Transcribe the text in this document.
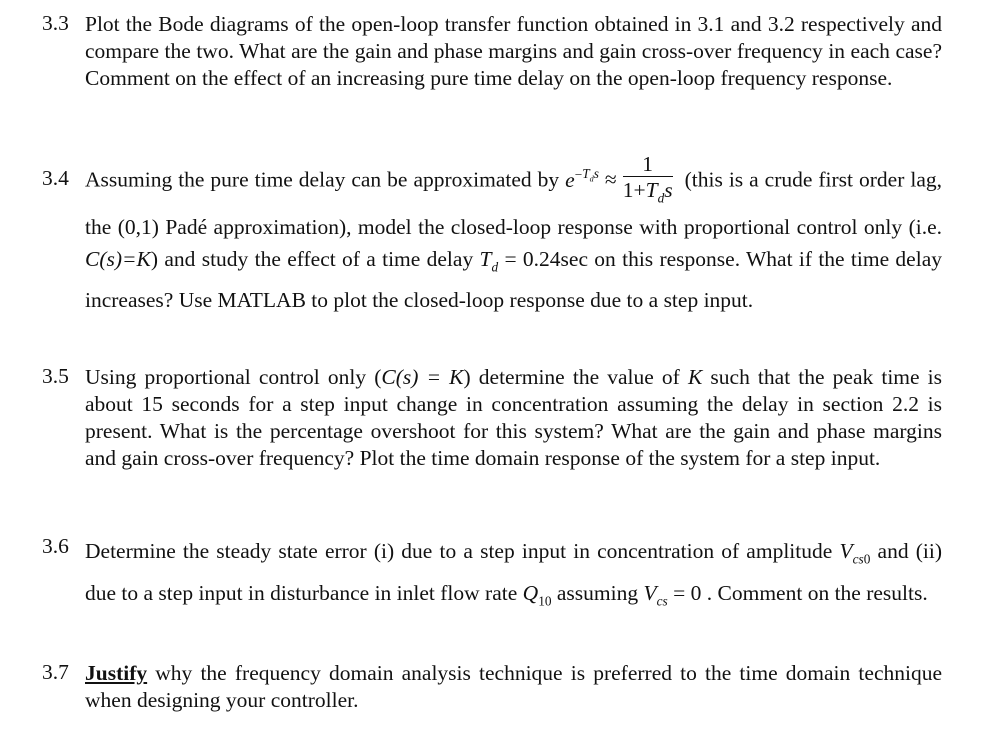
3.3 Plot the Bode diagrams of the open-loop transfer function obtained in 3.1 and 3.2 respectively and compare the two. What are the gain and phase margins and gain cross-over frequency in each case? Comment on the effect of an increasing pure time delay on the open-loop frequency response.
3.4 Assuming the pure time delay can be approximated by $e^{-T_ds} \approx \frac{1}{1+T_ds}$ (this is a crude first order lag, the (0,1) Padé approximation), model the closed-loop response with proportional control only (i.e. C(s)=K) and study the effect of a time delay $T_d = 0.24\sec$ on this response. What if the time delay increases? Use MATLAB to plot the closed-loop response due to a step input.
3.5 Using proportional control only (C(s) = K) determine the value of K such that the peak time is about 15 seconds for a step input change in concentration assuming the delay in section 2.2 is present. What is the percentage overshoot for this system? What are the gain and phase margins and gain cross-over frequency? Plot the time domain response of the system for a step input.
3.6 Determine the steady state error (i) due to a step input in concentration of amplitude $V_{cs0}$ and (ii) due to a step input in disturbance in inlet flow rate $Q_{10}$ assuming $V_{cs} = 0$ . Comment on the results.
3.7 Justify why the frequency domain analysis technique is preferred to the time domain technique when designing your controller.
